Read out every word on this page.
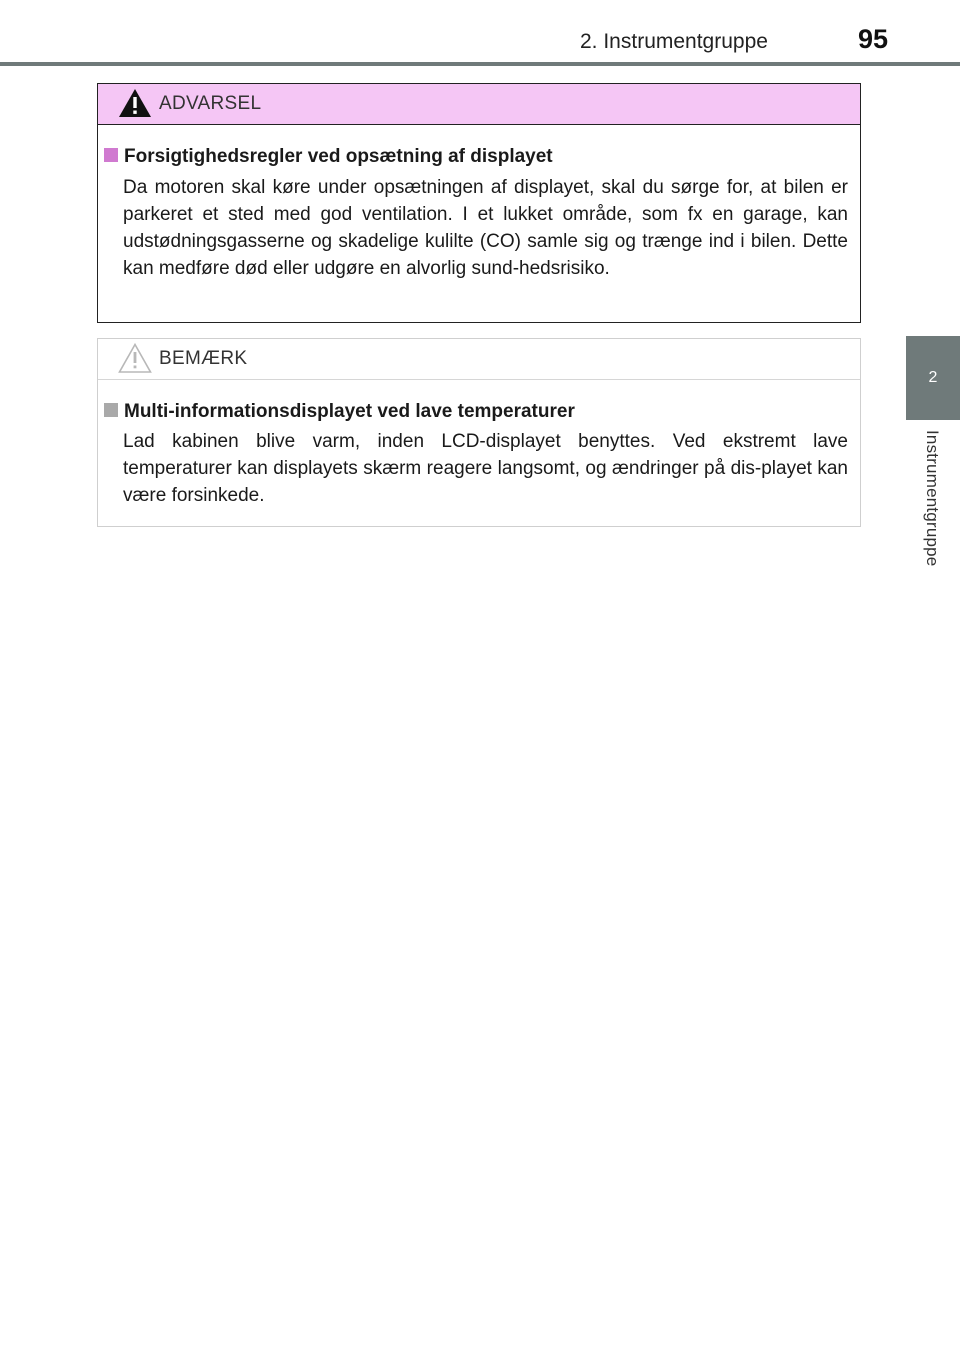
2. Instrumentgruppe	95
2
Instrumentgruppe
ADVARSEL
Forsigtighedsregler ved opsætning af displayet
Da motoren skal køre under opsætningen af displayet, skal du sørge for, at bilen er parkeret et sted med god ventilation. I et lukket område, som fx en garage, kan udstødningsgasserne og skadelige kulilte (CO) samle sig og trænge ind i bilen. Dette kan medføre død eller udgøre en alvorlig sund-hedsrisiko.
BEMÆRK
Multi-informationsdisplayet ved lave temperaturer
Lad kabinen blive varm, inden LCD-displayet benyttes. Ved ekstremt lave temperaturer kan displayets skærm reagere langsomt, og ændringer på dis-playet kan være forsinkede.
